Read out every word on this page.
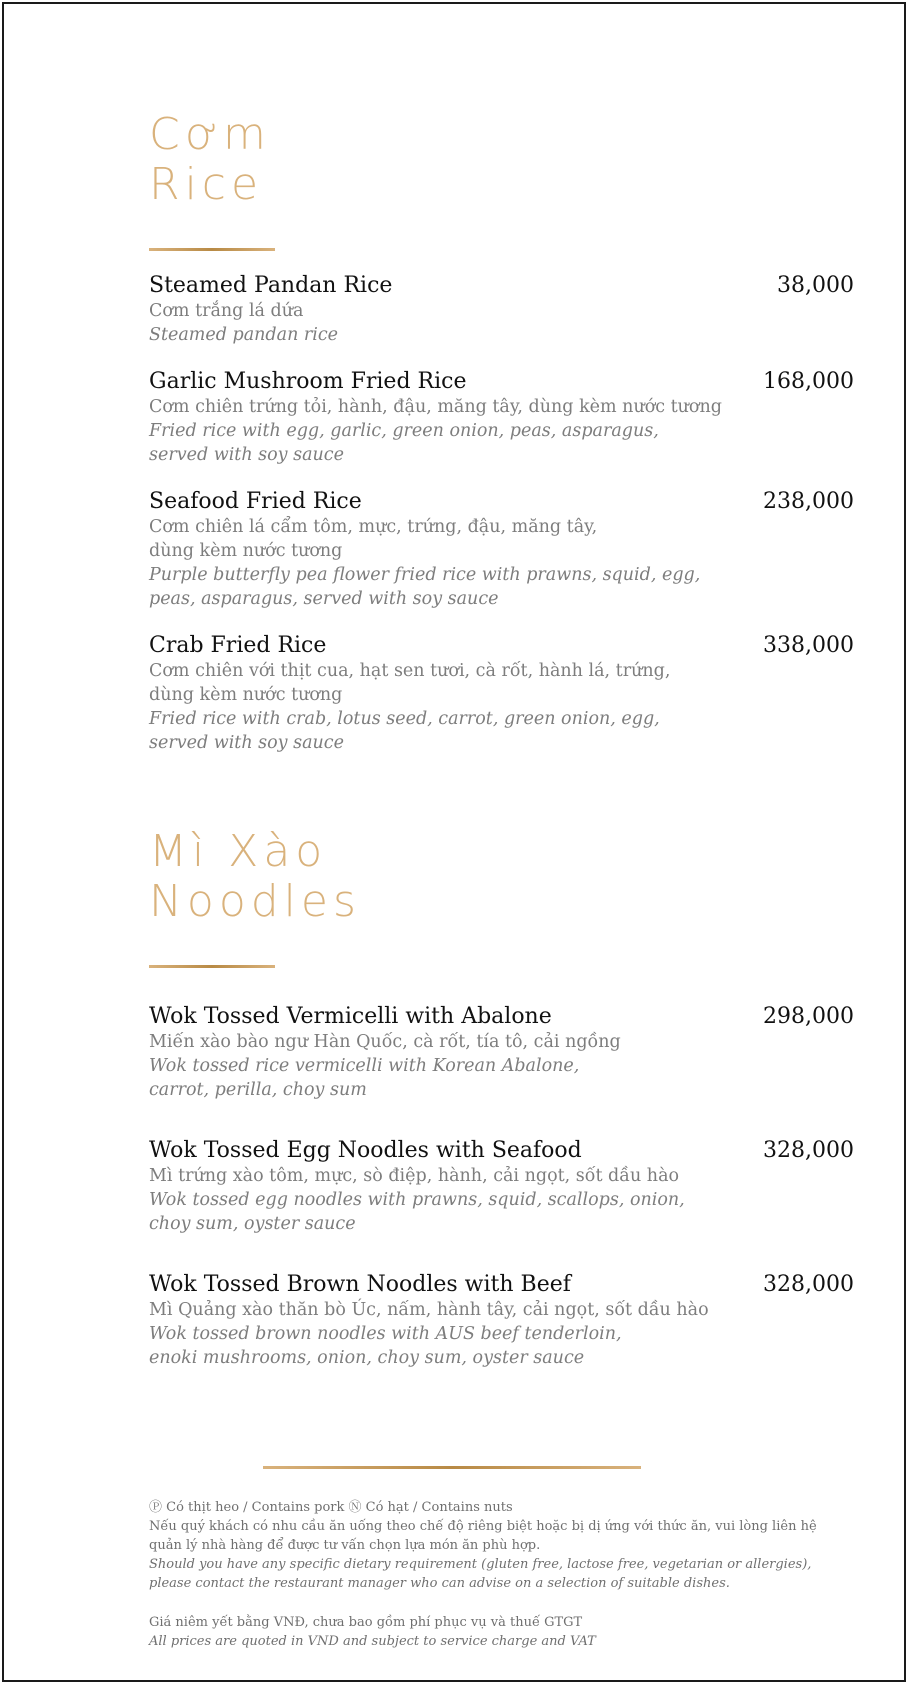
Cơm
Rice
Steamed Pandan Rice	38,000
Cơm trắng lá dứa
Steamed pandan rice
Garlic Mushroom Fried Rice	168,000
Cơm chiên trứng tỏi, hành, đậu, măng tây, dùng kèm nước tương
Fried rice with egg, garlic, green onion, peas, asparagus,
served with soy sauce
Seafood Fried Rice	238,000
Cơm chiên lá cẩm tôm, mực, trứng, đậu, măng tây,
dùng kèm nước tương
Purple butterfly pea flower fried rice with prawns, squid, egg,
peas, asparagus, served with soy sauce
Crab Fried Rice	338,000
Cơm chiên với thịt cua, hạt sen tươi, cà rốt, hành lá, trứng,
dùng kèm nước tương
Fried rice with crab, lotus seed, carrot, green onion, egg,
served with soy sauce
Mì Xào
Noodles
Wok Tossed Vermicelli with Abalone	298,000
Miến xào bào ngư Hàn Quốc, cà rốt, tía tô, cải ngồng
Wok tossed rice vermicelli with Korean Abalone,
carrot, perilla, choy sum
Wok Tossed Egg Noodles with Seafood	328,000
Mì trứng xào tôm, mực, sò điệp, hành, cải ngọt, sốt dầu hào
Wok tossed egg noodles with prawns, squid, scallops, onion,
choy sum, oyster sauce
Wok Tossed Brown Noodles with Beef	328,000
Mì Quảng xào thăn bò Úc, nấm, hành tây, cải ngọt, sốt dầu hào
Wok tossed brown noodles with AUS beef tenderloin,
enoki mushrooms, onion, choy sum, oyster sauce
Ⓟ Có thịt heo / Contains pork Ⓝ Có hạt / Contains nuts
Nếu quý khách có nhu cầu ăn uống theo chế độ riêng biệt hoặc bị dị ứng với thức ăn, vui lòng liên hệ
quản lý nhà hàng để được tư vấn chọn lựa món ăn phù hợp.
Should you have any specific dietary requirement (gluten free, lactose free, vegetarian or allergies),
please contact the restaurant manager who can advise on a selection of suitable dishes.
Giá niêm yết bằng VNĐ, chưa bao gồm phí phục vụ và thuế GTGT
All prices are quoted in VND and subject to service charge and VAT
